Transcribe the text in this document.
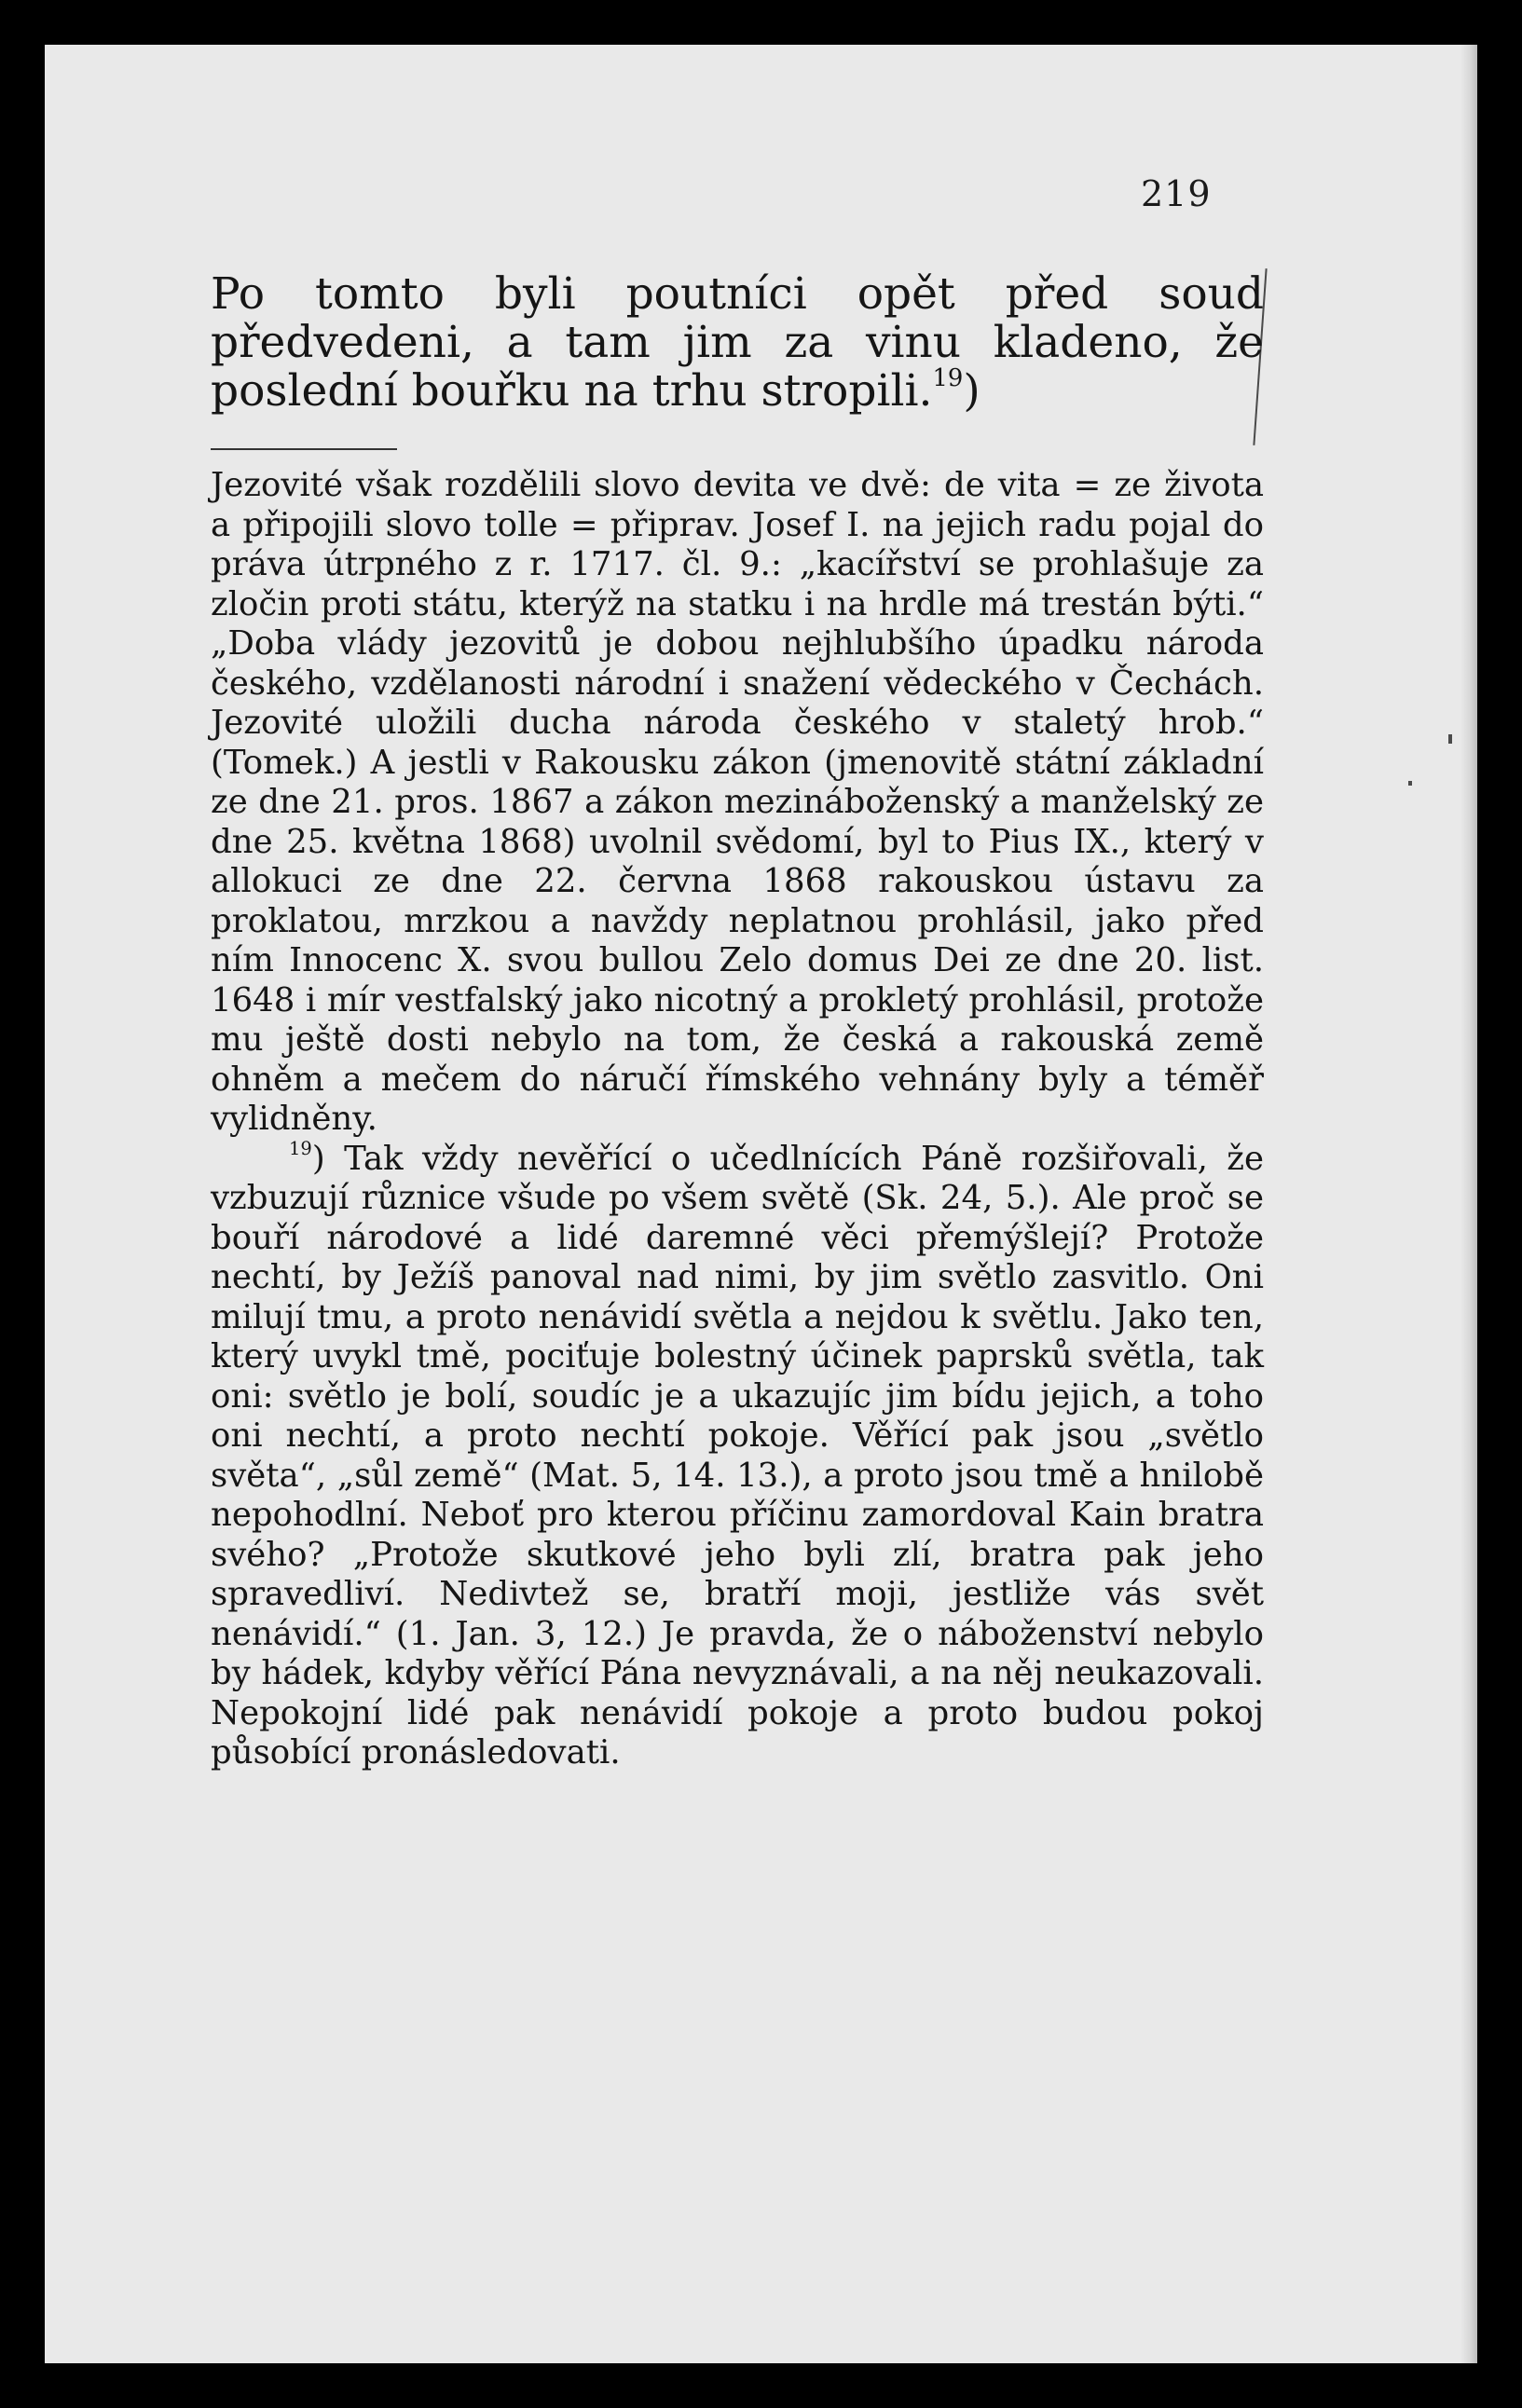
219

Po tomto byli poutníci opět před soud předvedeni, a tam jim za vinu kladeno, že poslední bouřku na trhu stropili.$^{19}$)

Jezovité však rozdělili slovo devita ve dvě: de vita = ze života a připojili slovo tolle = připrav. Josef I. na jejich radu pojal do práva útrpného z r. 1717. čl. 9.: „kacířství se prohlašuje za zločin proti státu, kterýž na statku i na hrdle má trestán býti.“ „Doba vlády jezovitů je dobou nejhlubšího úpadku národa českého, vzdělanosti národní i snažení vědeckého v Čechách. Jezovité uložili ducha národa českého v staletý hrob.“ (Tomek.) A jestli v Rakousku zákon (jmenovitě státní základní ze dne 21. pros. 1867 a zákon mezináboženský a manželský ze dne 25. května 1868) uvolnil svědomí, byl to Pius IX., který v allokuci ze dne 22. června 1868 rakouskou ústavu za proklatou, mrzkou a navždy neplatnou prohlásil, jako před ním Innocenc X. svou bullou Zelo domus Dei ze dne 20. list. 1648 i mír vestfalský jako nicotný a prokletý prohlásil, protože mu ještě dosti nebylo na tom, že česká a rakouská země ohněm a mečem do náručí římského vehnány byly a téměř vylidněny.

$^{19}$) Tak vždy nevěřící o učedlnících Páně rozšiřovali, že vzbuzují různice všude po všem světě (Sk. 24, 5.). Ale proč se bouří národové a lidé daremné věci přemýšlejí? Protože nechtí, by Ježíš panoval nad nimi, by jim světlo zasvitlo. Oni milují tmu, a proto nenávidí světla a nejdou k světlu. Jako ten, který uvykl tmě, pociťuje bolestný účinek paprsků světla, tak oni: světlo je bolí, soudíc je a ukazujíc jim bídu jejich, a toho oni nechtí, a proto nechtí pokoje. Věřící pak jsou „světlo světa“, „sůl země“ (Mat. 5, 14. 13.), a proto jsou tmě a hnilobě nepohodlní. Neboť pro kterou příčinu zamordoval Kain bratra svého? „Protože skutkové jeho byli zlí, bratra pak jeho spravedliví. Nedivtež se, bratří moji, jestliže vás svět nenávidí.“ (1. Jan. 3, 12.) Je pravda, že o náboženství nebylo by hádek, kdyby věřící Pána nevyznávali, a na něj neukazovali. Nepokojní lidé pak nenávidí pokoje a proto budou pokoj působící pronásledovati.
